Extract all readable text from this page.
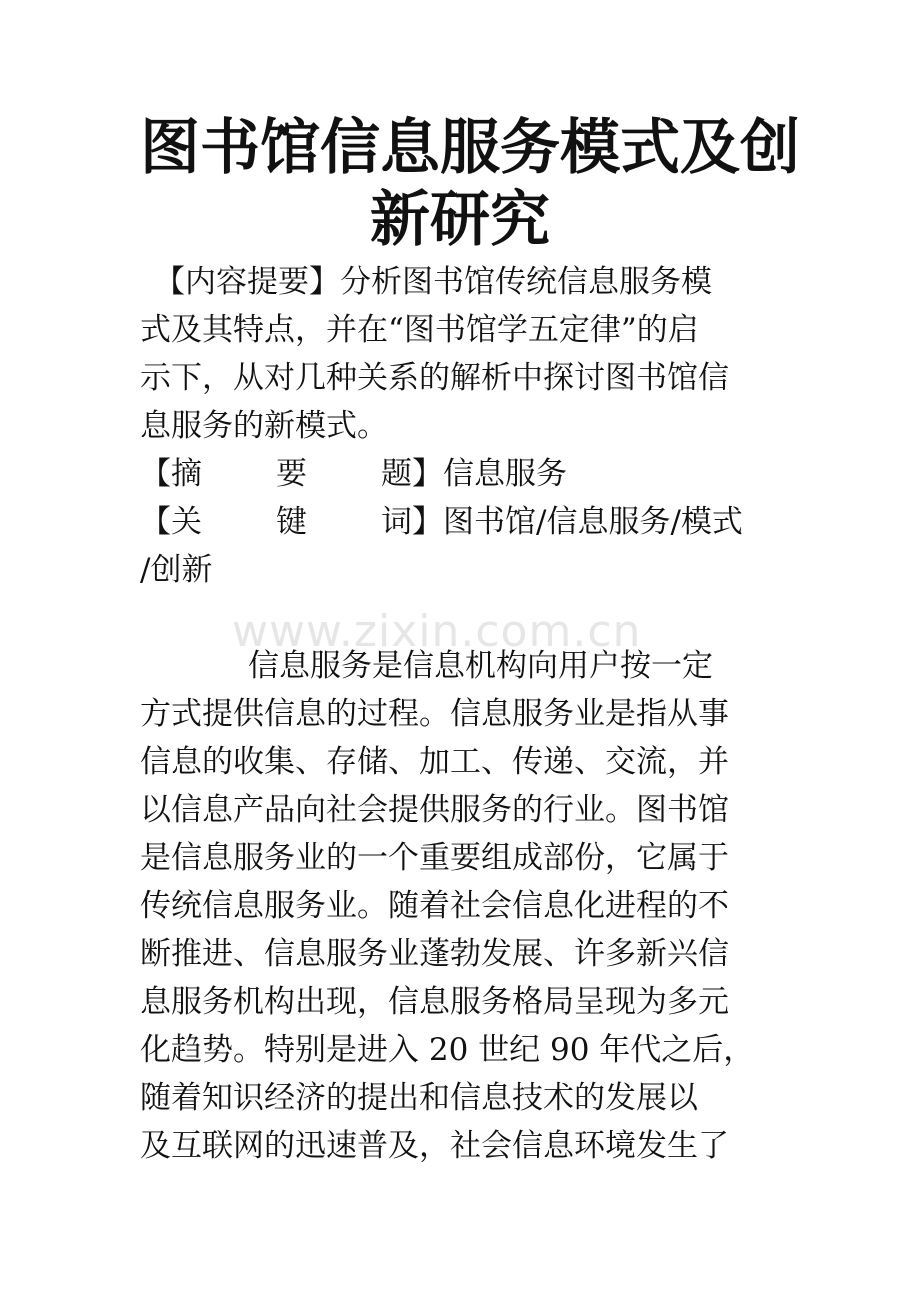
图书馆信息服务模式及创
新研究

【内容提要】分析图书馆传统信息服务模
式及其特点，并在“图书馆学五定律”的启
示下，从对几种关系的解析中探讨图书馆信
息服务的新模式。

【摘 要 题】信息服务

【关 键 词】图书馆/信息服务/模式
/创新

www.zixin.com.cn
信息服务是信息机构向用户按一定
方式提供信息的过程。信息服务业是指从事
信息的收集、存储、加工、传递、交流，并
以信息产品向社会提供服务的行业。图书馆
是信息服务业的一个重要组成部份，它属于
传统信息服务业。随着社会信息化进程的不
断推进、信息服务业蓬勃发展、许多新兴信
息服务机构出现，信息服务格局呈现为多元
化趋势。特别是进入 20 世纪 90 年代之后，
随着知识经济的提出和信息技术的发展以
及互联网的迅速普及，社会信息环境发生了
